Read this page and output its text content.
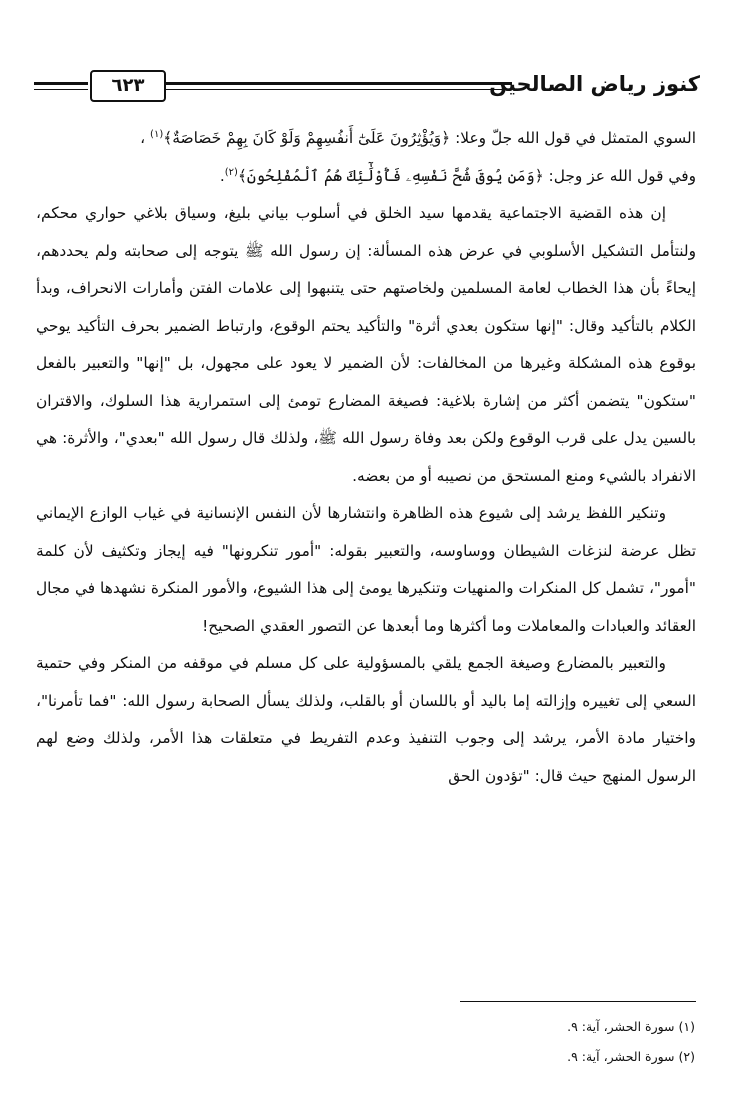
كنوز رياض الصالحين
٦٢٣

السوي المتمثل في قول الله جلّ وعلا: ﴿وَيُؤْثِرُونَ عَلَىٰٓ أَنفُسِهِمْ وَلَوْ كَانَ بِهِمْ خَصَاصَةٌ﴾$^{(١)}$ ،

وفي قول الله عز وجل: ﴿وَمَن يُوقَ شُحَّ نَفْسِهِۦ فَأُوْلَٰٓئِكَ هُمُ ٱلْمُفْلِحُونَ﴾$^{(٢)}$.

إن هذه القضية الاجتماعية يقدمها سيد الخلق في أسلوب بياني بليغ، وسياق بلاغي حواري محكم، ولنتأمل التشكيل الأسلوبي في عرض هذه المسألة: إن رسول الله ﷺ يتوجه إلى صحابته ولم يحددهم، إيحاءً بأن هذا الخطاب لعامة المسلمين ولخاصتهم حتى يتنبهوا إلى علامات الفتن وأمارات الانحراف، وبدأ الكلام بالتأكيد وقال: "إنها ستكون بعدي أثرة" والتأكيد يحتم الوقوع، وارتباط الضمير بحرف التأكيد يوحي بوقوع هذه المشكلة وغيرها من المخالفات: لأن الضمير لا يعود على مجهول، بل "إنها" والتعبير بالفعل "ستكون" يتضمن أكثر من إشارة بلاغية: فصيغة المضارع تومئ إلى استمرارية هذا السلوك، والاقتران بالسين يدل على قرب الوقوع ولكن بعد وفاة رسول الله ﷺ، ولذلك قال رسول الله "بعدي"، والأثرة: هي الانفراد بالشيء ومنع المستحق من نصيبه أو من بعضه.

وتنكير اللفظ يرشد إلى شيوع هذه الظاهرة وانتشارها لأن النفس الإنسانية في غياب الوازع الإيماني تظل عرضة لنزغات الشيطان ووساوسه، والتعبير بقوله: "أمور تنكرونها" فيه إيجاز وتكثيف لأن كلمة "أمور"، تشمل كل المنكرات والمنهيات وتنكيرها يومئ إلى هذا الشيوع، والأمور المنكرة نشهدها في مجال العقائد والعبادات والمعاملات وما أكثرها وما أبعدها عن التصور العقدي الصحيح!

والتعبير بالمضارع وصيغة الجمع يلقي بالمسؤولية على كل مسلم في موقفه من المنكر وفي حتمية السعي إلى تغييره وإزالته إما باليد أو باللسان أو بالقلب، ولذلك يسأل الصحابة رسول الله: "فما تأمرنا"، واختيار مادة الأمر، يرشد إلى وجوب التنفيذ وعدم التفريط في متعلقات هذا الأمر، ولذلك وضع لهم الرسول المنهج حيث قال: "تؤدون الحق

(١) سورة الحشر، آية: ٩.
(٢) سورة الحشر، آية: ٩.
